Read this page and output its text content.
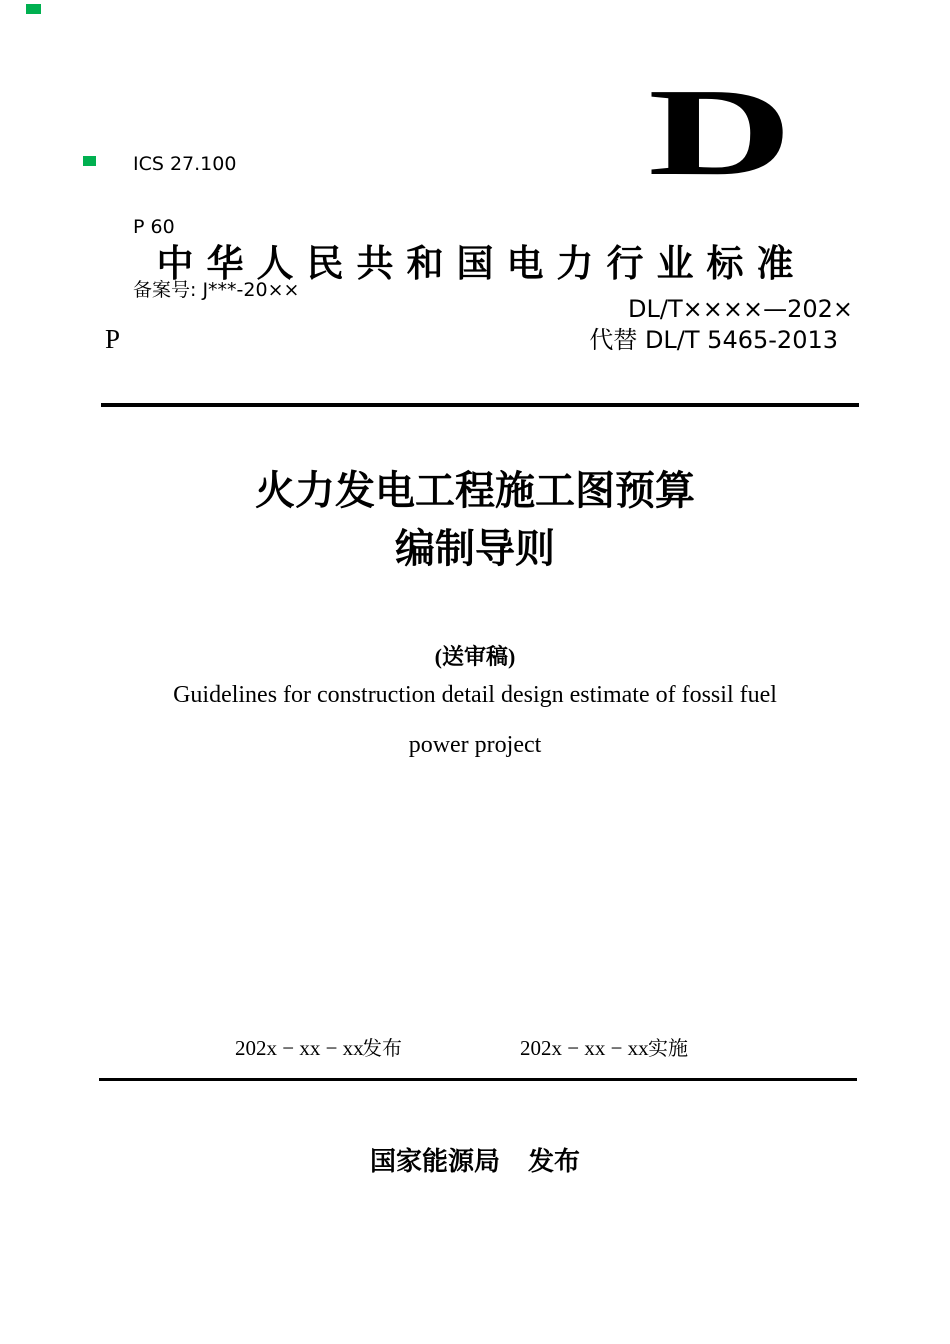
ICS 27.100

P 60

备案号: J***-20××

D
中华人民共和国电力行业标准
DL/T××××—202×
代替 DL/T 5465-2013
P
火力发电工程施工图预算
编制导则
(送审稿)
Guidelines for construction detail design estimate of fossil fuel
power project
202x − xx − xx
发布	202x − xx − xx 实施
国家能源局 发布
